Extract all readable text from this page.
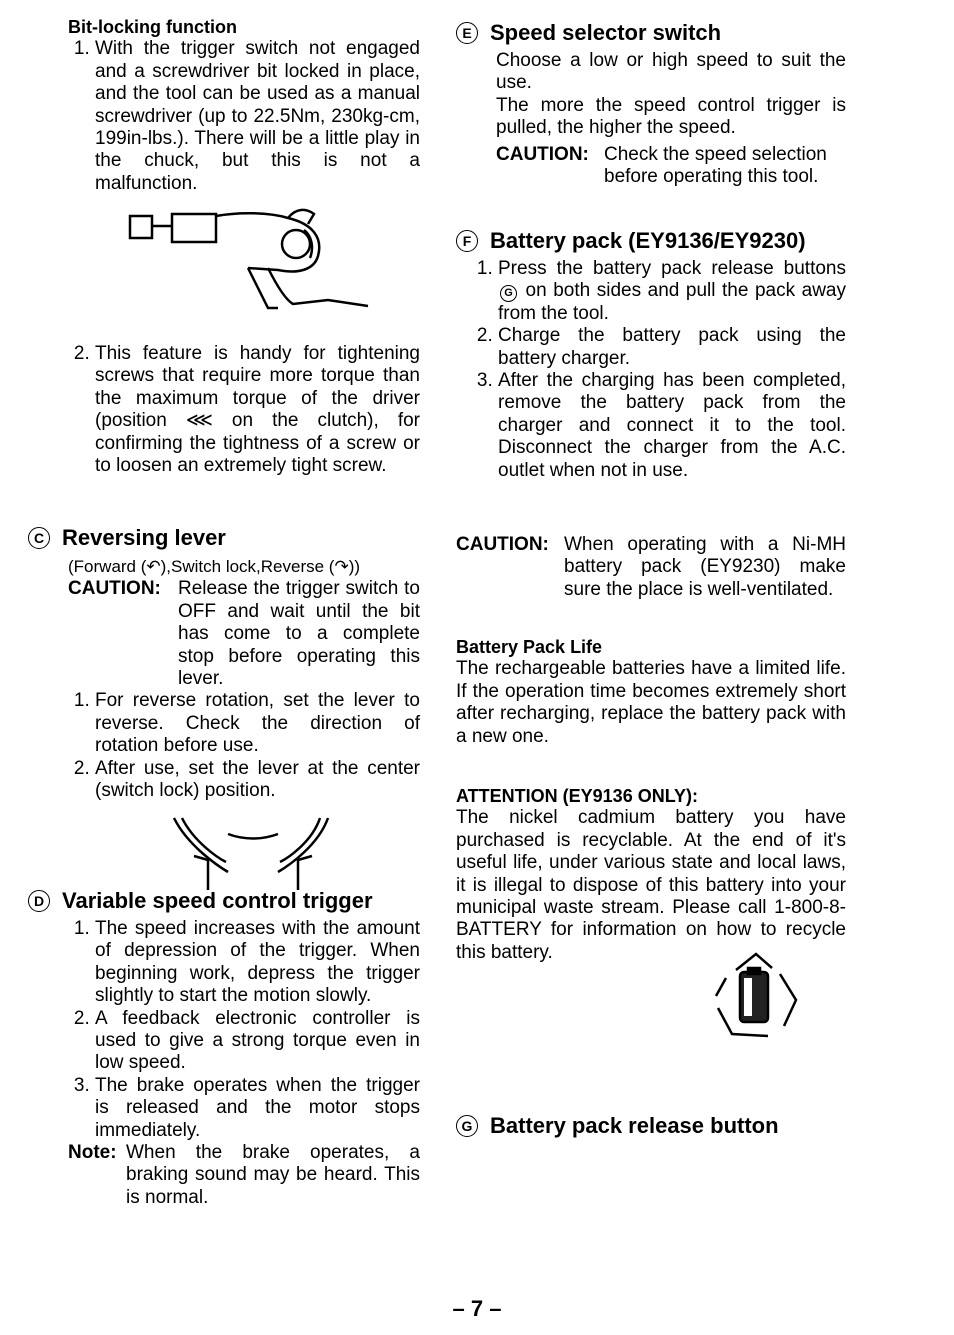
Bit-locking function
1. With the trigger switch not engaged and a screwdriver bit locked in place, and the tool can be used as a manual screwdriver (up to 22.5Nm, 230kg-cm, 199in-lbs.). There will be a little play in the chuck, but this is not a malfunction.
2. This feature is handy for tightening screws that require more torque than the maximum torque of the driver (position ⋘ on the clutch), for confirming the tightness of a screw or to loosen an extremely tight screw.
C Reversing lever
(Forward (↶),Switch lock,Reverse (↷))
CAUTION: Release the trigger switch to OFF and wait until the bit has come to a complete stop before operating this lever.
1. For reverse rotation, set the lever to reverse. Check the direction of rotation before use.
2. After use, set the lever at the center (switch lock) position.
D Variable speed control trigger
1. The speed increases with the amount of depression of the trigger. When beginning work, depress the trigger slightly to start the motion slowly.
2. A feedback electronic controller is used to give a strong torque even in low speed.
3. The brake operates when the trigger is released and the motor stops immediately.
Note: When the brake operates, a braking sound may be heard. This is normal.
E Speed selector switch

Choose a low or high speed to suit the use.

The more the speed control trigger is pulled, the higher the speed.

CAUTION: Check the speed selection before operating this tool.
F Battery pack (EY9136/EY9230)
1. Press the battery pack release buttons G on both sides and pull the pack away from the tool.
2. Charge the battery pack using the battery charger.
3. After the charging has been completed, remove the battery pack from the charger and connect it to the tool. Disconnect the charger from the A.C. outlet when not in use.
CAUTION: When operating with a Ni-MH battery pack (EY9230) make sure the place is well-ventilated.
Battery Pack Life

The rechargeable batteries have a limited life. If the operation time becomes extremely short after recharging, replace the battery pack with a new one.

ATTENTION (EY9136 ONLY):

The nickel cadmium battery you have purchased is recyclable. At the end of it's useful life, under various state and local laws, it is illegal to dispose of this battery into your municipal waste stream. Please call 1-800-8-BATTERY for information on how to recycle this battery.

G Battery pack release button
– 7 –
